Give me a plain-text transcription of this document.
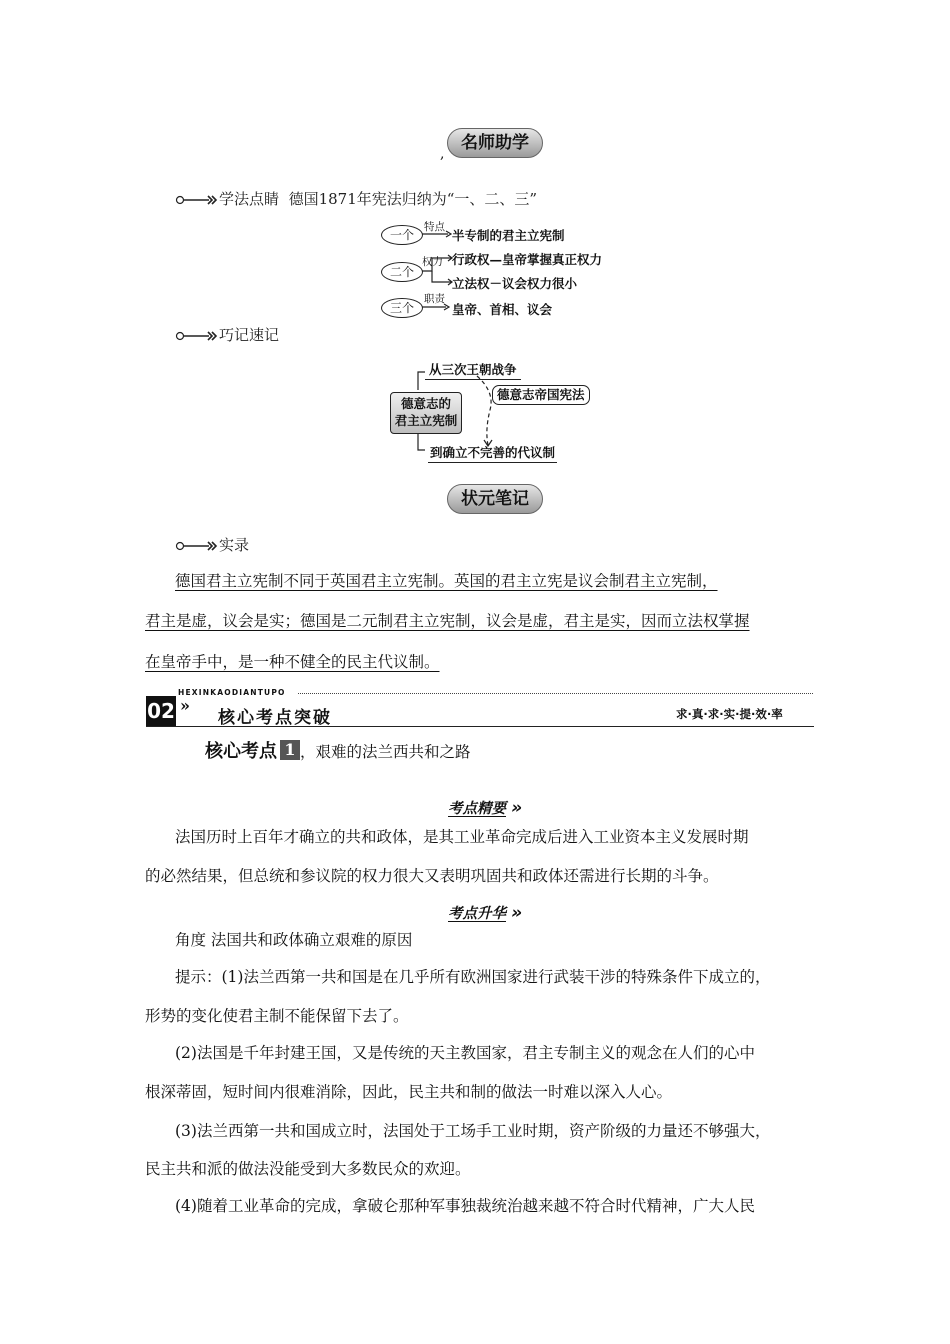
名师助学
,
学法点睛 德国1871年宪法归纳为“一、二、三”
一个
二个
三个
特点
权力
职责
半专制的君主立宪制
行政权—皇帝掌握真正权力
立法权－议会权力很小
皇帝、首相、议会
巧记速记
从三次王朝战争
德意志的
君主立宪制
德意志帝国宪法
到确立不完善的代议制
状元笔记
实录
德国君主立宪制不同于英国君主立宪制。英国的君主立宪是议会制君主立宪制，
君主是虚，议会是实；德国是二元制君主立宪制，议会是虚，君主是实，因而立法权掌握
在皇帝手中，是一种不健全的民主代议制。
HEXINKAODIANTUPO
02 »
核心考点突破	求·真·求·实·提·效·率
核心考点 1 ，艰难的法兰西共和之路
考点精要 »
法国历时上百年才确立的共和政体，是其工业革命完成后进入工业资本主义发展时期
的必然结果，但总统和参议院的权力很大又表明巩固共和政体还需进行长期的斗争。
考点升华 »
角度 法国共和政体确立艰难的原因
提示：(1)法兰西第一共和国是在几乎所有欧洲国家进行武装干涉的特殊条件下成立的，
形势的变化使君主制不能保留下去了。
(2)法国是千年封建王国，又是传统的天主教国家，君主专制主义的观念在人们的心中
根深蒂固，短时间内很难消除，因此，民主共和制的做法一时难以深入人心。
(3)法兰西第一共和国成立时，法国处于工场手工业时期，资产阶级的力量还不够强大，
民主共和派的做法没能受到大多数民众的欢迎。
(4)随着工业革命的完成，拿破仑那种军事独裁统治越来越不符合时代精神，广大人民
